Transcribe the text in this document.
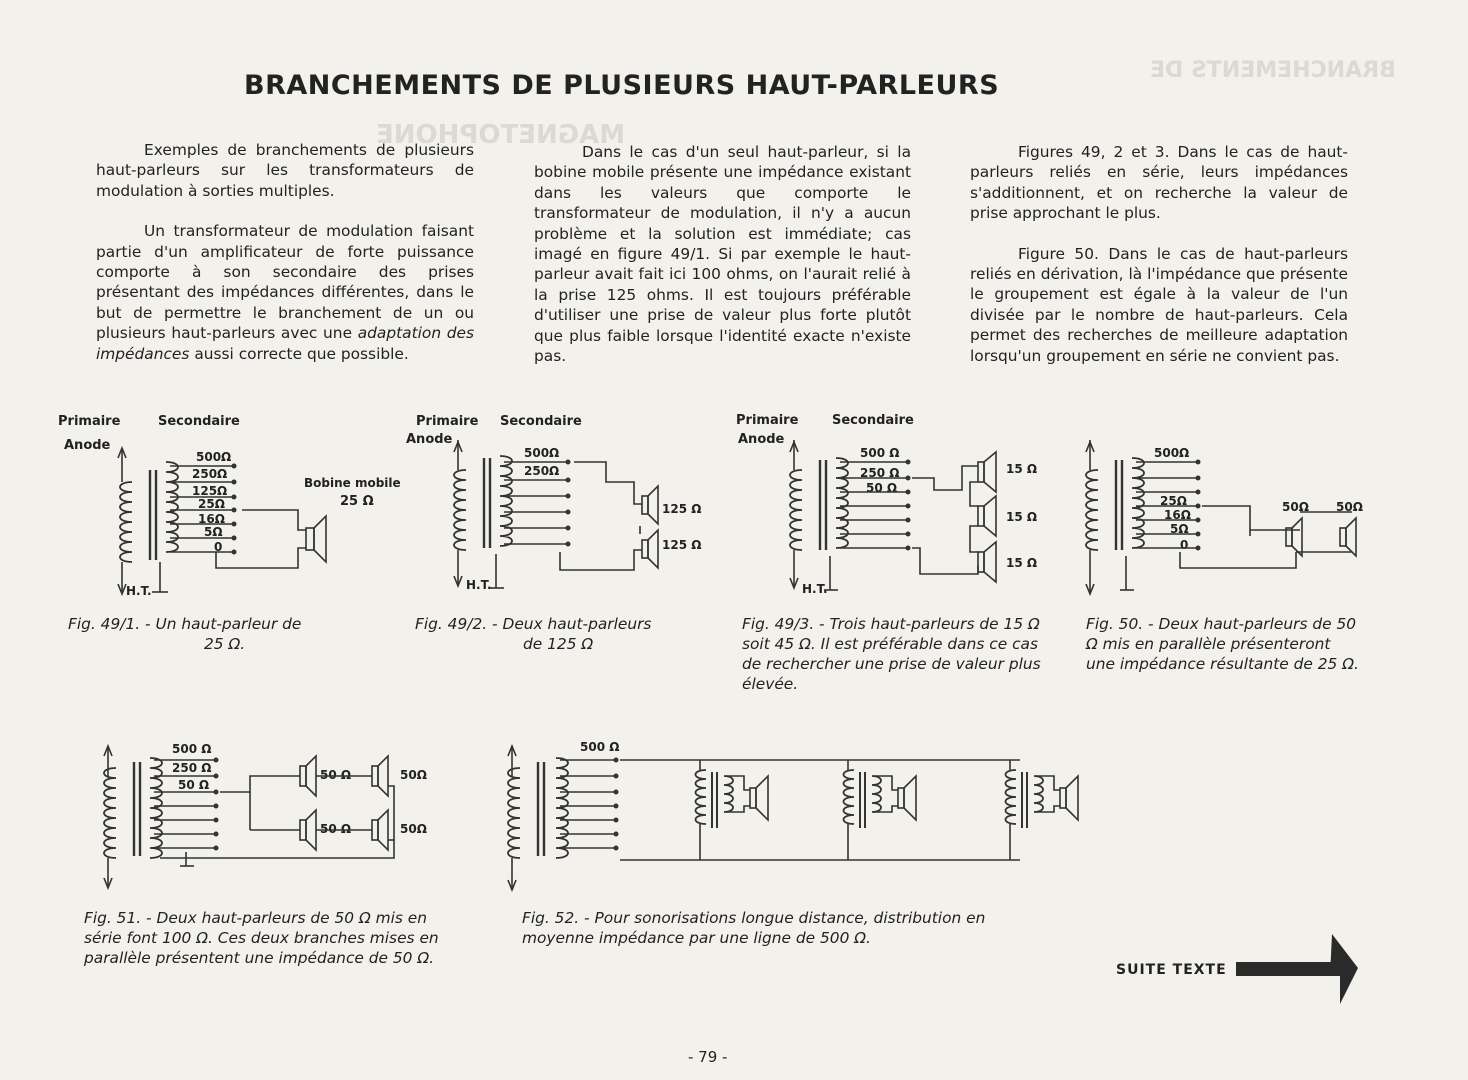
BRANCHEMENTS DE
MAGNETOPHONE
BRANCHEMENTS DE PLUSIEURS HAUT-PARLEURS

Exemples de branchements de plusieurs haut-parleurs sur les transformateurs de modulation à sorties multiples.

Un transformateur de modulation faisant partie d'un amplificateur de forte puissance comporte à son secondaire des prises présentant des impédances différentes, dans le but de permettre le branchement de un ou plusieurs haut-parleurs avec une adaptation des impédances aussi correcte que possible.

Dans le cas d'un seul haut-parleur, si la bobine mobile présente une impédance existant dans les valeurs que comporte le transformateur de modulation, il n'y a aucun problème et la solution est immédiate; cas imagé en figure 49/1. Si par exemple le haut-parleur avait fait ici 100 ohms, on l'aurait relié à la prise 125 ohms. Il est toujours préférable d'utiliser une prise de valeur plus forte plutôt que plus faible lorsque l'identité exacte n'existe pas.

Figures 49, 2 et 3. Dans le cas de haut-parleurs reliés en série, leurs impédances s'additionnent, et on recherche la valeur de prise approchant le plus.

Figure 50. Dans le cas de haut-parleurs reliés en dérivation, là l'impédance que présente le groupement est égale à la valeur de l'un divisée par le nombre de haut-parleurs. Cela permet des recherches de meilleure adaptation lorsqu'un groupement en série ne convient pas.

Primaire	Secondaire
Anode
500Ω
250Ω
125Ω
25Ω
16Ω
5Ω
0
Bobine mobile
25 Ω
H.T.
Fig. 49/1. - Un haut-parleur de
25 Ω.
Primaire Secondaire
Anode
500Ω
250Ω
125 Ω
125 Ω
H.T.
Fig. 49/2. - Deux haut-parleurs
de 125 Ω
Primaire	Secondaire
Anode
500 Ω
250 Ω
50 Ω
15 Ω
15 Ω
15 Ω
H.T.
Fig. 49/3. - Trois haut-parleurs de 15 Ω soit 45 Ω. Il est préférable dans ce cas de rechercher une prise de valeur plus élevée.
500Ω
25Ω
16Ω
5Ω
0
50Ω 50Ω
Fig. 50. - Deux haut-parleurs de 50 Ω mis en parallèle présenteront une impédance résultante de 25 Ω.
500 Ω
250 Ω
50 Ω
50 Ω	50Ω
50 Ω	50Ω
Fig. 51. - Deux haut-parleurs de 50 Ω mis en série font 100 Ω. Ces deux branches mises en parallèle présentent une impédance de 50 Ω.
500 Ω
Fig. 52. - Pour sonorisations longue distance, distribution en moyenne impédance par une ligne de 500 Ω.
SUITE TEXTE
- 79 -
